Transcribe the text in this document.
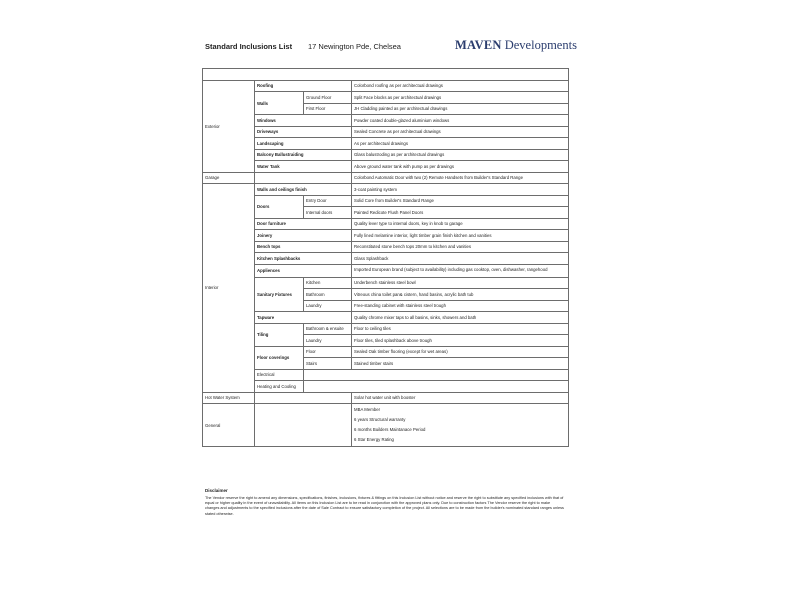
Standard Inclusions List 17 Newington Pde, Chelsea	MAVEN Developments

Exterior	Roofing		Colorbond roofing as per architectual drawings	
	Walls	Ground Floor	Split Face blocks as per architectual drawings	
		First Floor	JH Cladding painted as per architectual drawings	
	Windows		Powder coated double-glazed aluminium windows	
	Driveways		Sealed Concrete as per architectual drawings	
	Landscaping		As per architectual drawings	
	Balcony Ballustraiding		Glass balustroding as per architectual drawings	
	Water Tank		Above ground water tank with pump as per drawings	
Garage			Colorbond Automatic Door with two (2) Remote Handsets from Builder's Standard Range	
Interior	Walls and ceilings finish		3-coat painting system	
	Doors	Entry Door	Solid Core from Builder's Standard Range	
		Internal doors	Painted Redicote Flush Panel Doors	
	Door furniture		Quality lever type to internal doors, key in knob to garage	
	Joinery		Fully lined melamine interior, light timber grain finish kitchen and vanities	
	Bench tops		Reconstituted stone bench tops 20mm to kitchen and vanities	
	Kitchen Splashbacks		Glass Splashback	
	Appliences		Imported European brand (subject to availability) including gas cooktop, oven, dishwasher, rangehood	
	Sanitary Fixtures	Kitchen	Underbench stainless steel bowl	
		Bathroom	Vitreous china toilet pan& cistern, hand basins, acrylic bath tub	
		Laundry	Free-standing cabinet with stainless steel trough	
	Tapware		Quality chrome mixer taps to all basins, sinks, showers and bath	
	Tiling	Bathroom & ensuite	Floor to ceiling tiles	
		Laundry	Floor tiles, tiled splashback above trough	
	Floor coverings	Floor	Sealed Oak timber flooring (except for wet areas)	
		Stairs	Stained timber stairs	
	Electrical		
	Heating and Cooling		
Hot Water System			Solar hot water unit with booster	
General			MBA Member
6 years Structural warranty
6 months Builders Maintanace Period
6 Star Energy Rating	
Disclaimer
The Vendor reserve the right to amend any dimensions, specifications, finishes, inclusions, fixtures & fittings on this Inclusion List without notice and reserve the right to substitute any specified inclusions with that of equal or higher quality in the event of unavailability. All items on this Inclusion List are to be read in conjunction with the approved plans only. Due to construction factors The Vendor reserve the right to make changes and adjustments to the specified inclusions after the date of Sale Contract to ensure satisfactory completion of the project. All selections are to be made from the builder's nominated standard ranges unless stated otherwise.
